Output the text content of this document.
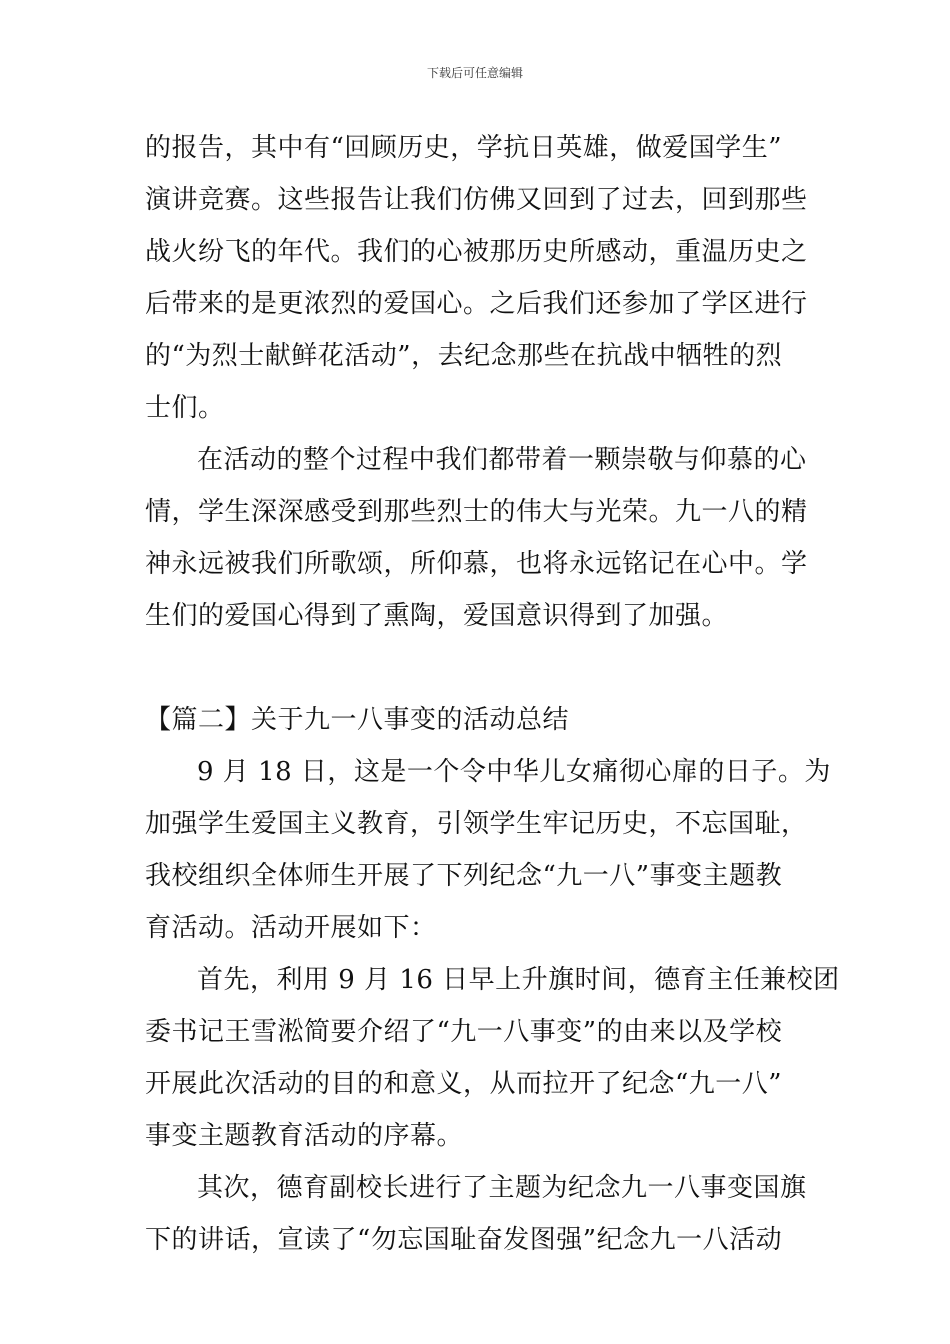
下载后可任意编辑
的报告，其中有“回顾历史，学抗日英雄，做爱国学生”
演讲竞赛。这些报告让我们仿佛又回到了过去，回到那些
战火纷飞的年代。我们的心被那历史所感动，重温历史之
后带来的是更浓烈的爱国心。之后我们还参加了学区进行
的“为烈士献鲜花活动”，去纪念那些在抗战中牺牲的烈
士们。
在活动的整个过程中我们都带着一颗崇敬与仰慕的心
情，学生深深感受到那些烈士的伟大与光荣。九一八的精
神永远被我们所歌颂，所仰慕，也将永远铭记在心中。学
生们的爱国心得到了熏陶，爱国意识得到了加强。
【篇二】关于九一八事变的活动总结
9 月 18 日，这是一个令中华儿女痛彻心扉的日子。为
加强学生爱国主义教育，引领学生牢记历史，不忘国耻，
我校组织全体师生开展了下列纪念“九一八”事变主题教
育活动。活动开展如下：
首先，利用 9 月 16 日早上升旗时间，德育主任兼校团
委书记王雪淞简要介绍了“九一八事变”的由来以及学校
开展此次活动的目的和意义，从而拉开了纪念“九一八”
事变主题教育活动的序幕。
其次，德育副校长进行了主题为纪念九一八事变国旗
下的讲话，宣读了“勿忘国耻奋发图强”纪念九一八活动
